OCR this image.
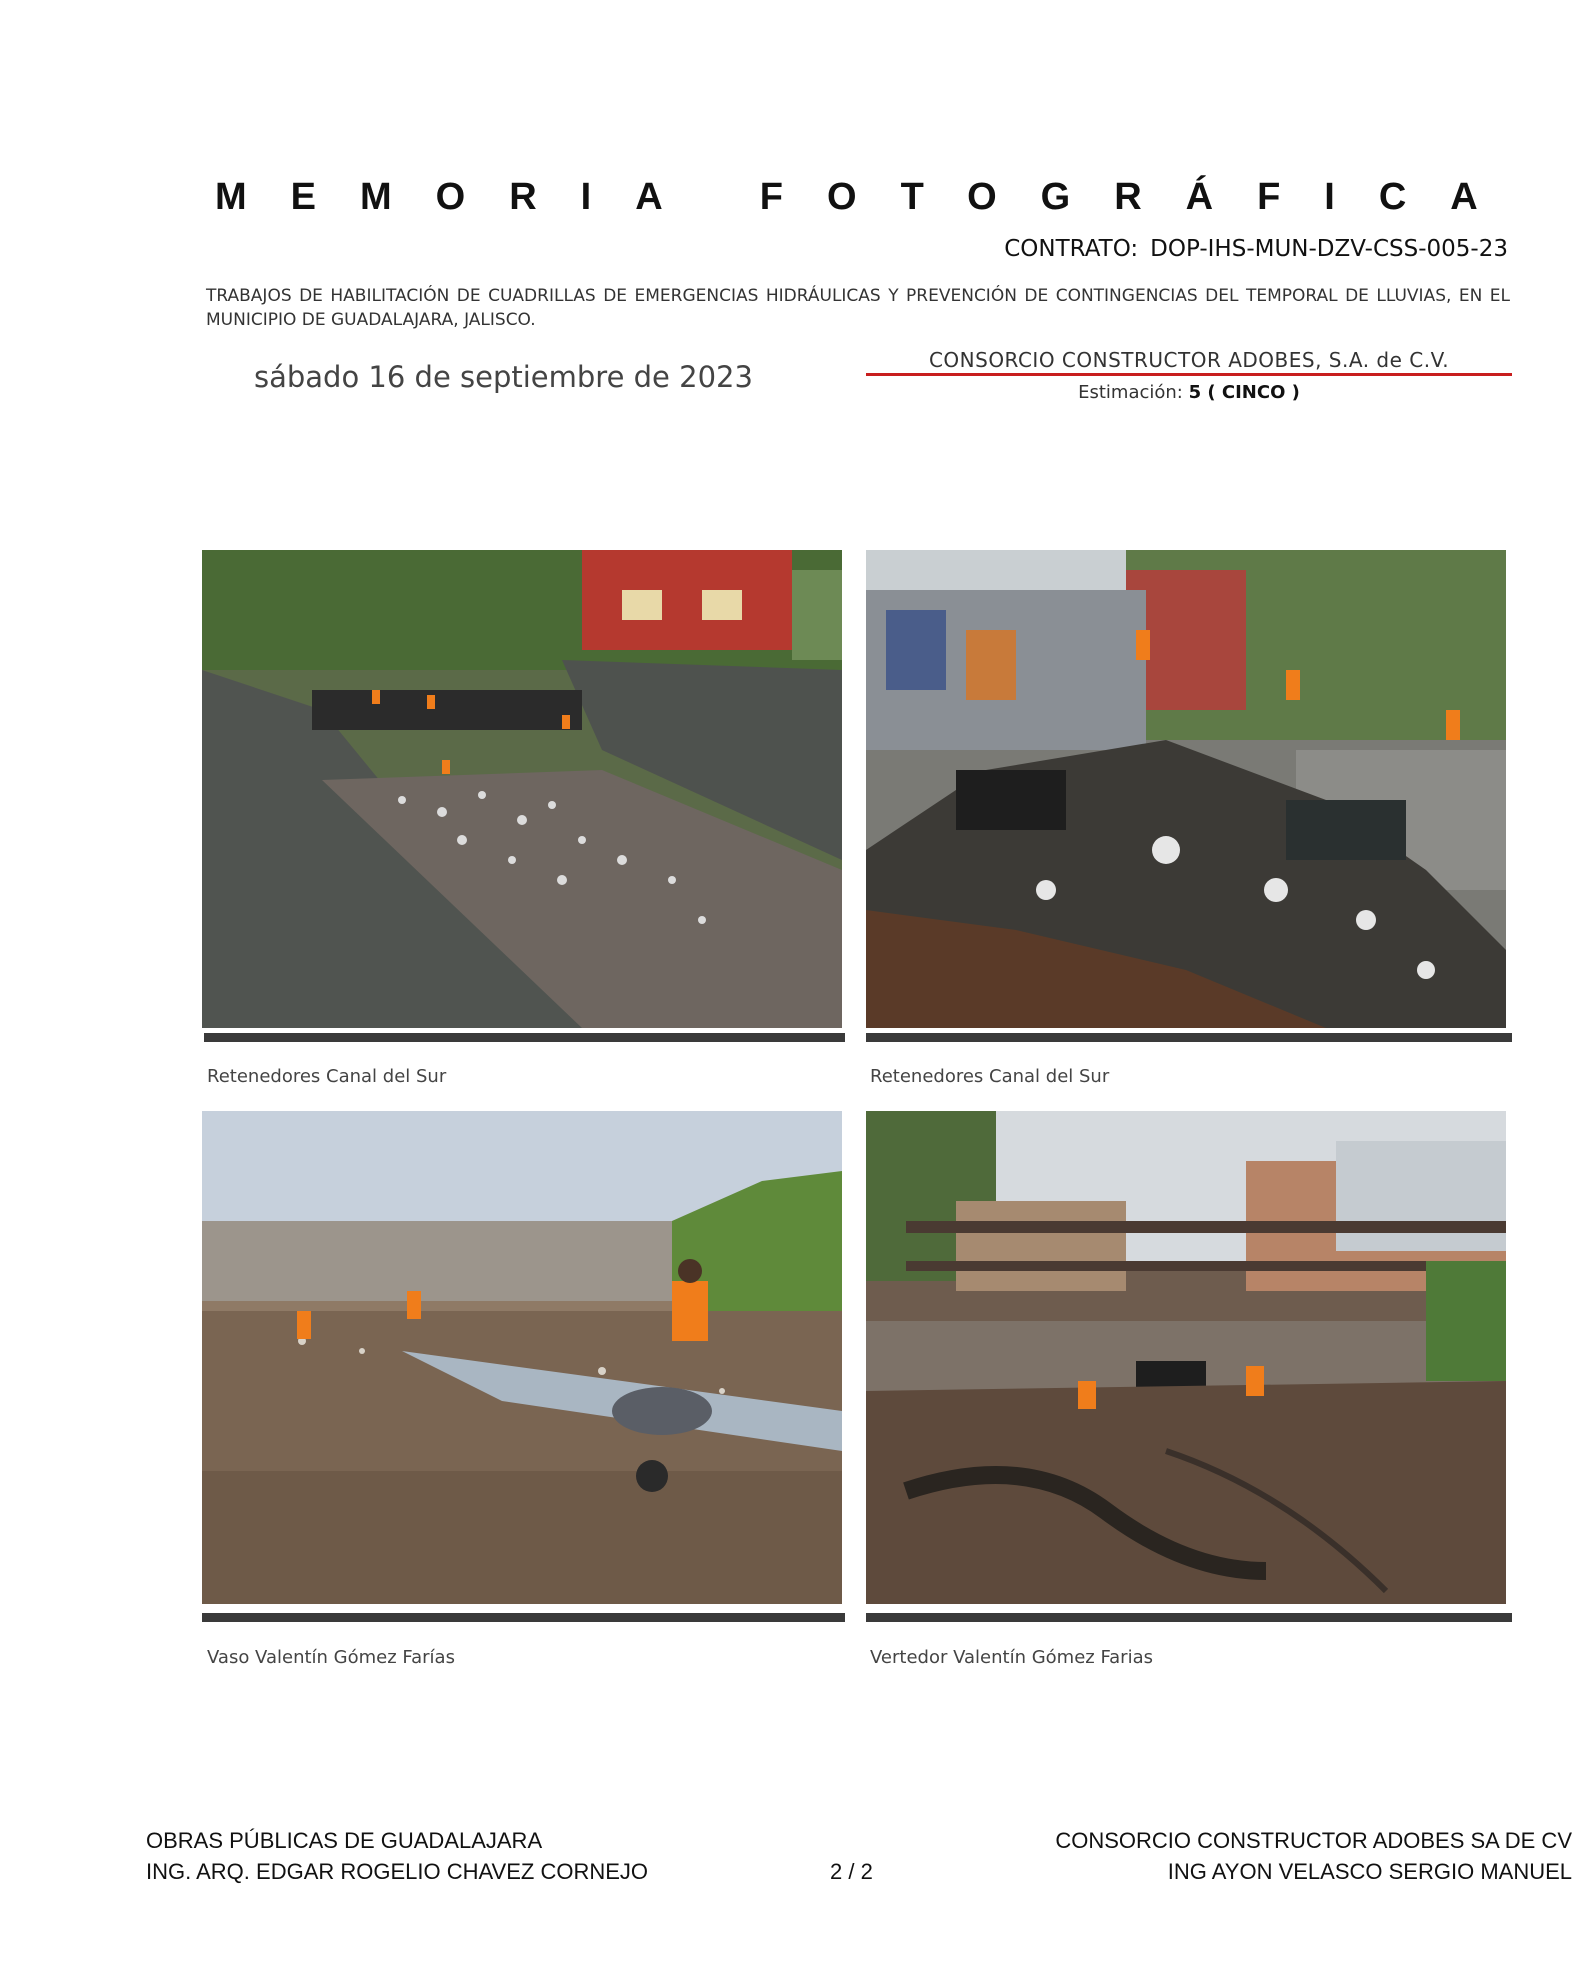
MEMORIA FOTOGRÁFICA
CONTRATO: DOP-IHS-MUN-DZV-CSS-005-23
TRABAJOS DE HABILITACIÓN DE CUADRILLAS DE EMERGENCIAS HIDRÁULICAS Y PREVENCIÓN DE CONTINGENCIAS DEL TEMPORAL DE LLUVIAS, EN EL MUNICIPIO DE GUADALAJARA, JALISCO.
sábado 16 de septiembre de 2023	CONSORCIO CONSTRUCTOR ADOBES, S.A. de C.V.
Estimación: 5 ( CINCO )
Retenedores Canal del Sur	Retenedores Canal del Sur
Vaso Valentín Gómez Farías	Vertedor Valentín Gómez Farias
OBRAS PÚBLICAS DE GUADALAJARA
ING. ARQ. EDGAR ROGELIO CHAVEZ CORNEJO	2 / 2
CONSORCIO CONSTRUCTOR ADOBES SA DE CV
ING AYON VELASCO SERGIO MANUEL
